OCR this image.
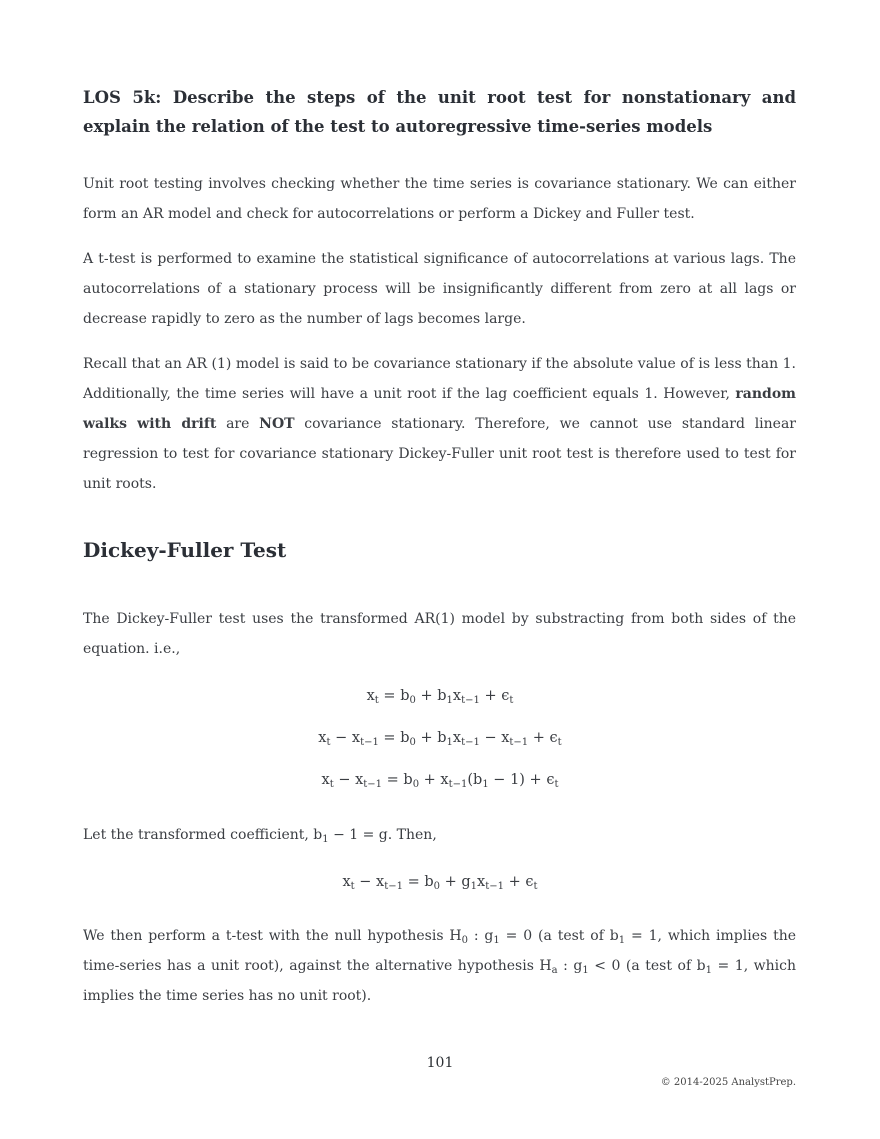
LOS 5k: Describe the steps of the unit root test for nonstationary and explain the relation of the test to autoregressive time-series models

Unit root testing involves checking whether the time series is covariance stationary. We can either form an AR model and check for autocorrelations or perform a Dickey and Fuller test.

A t-test is performed to examine the statistical significance of autocorrelations at various lags. The autocorrelations of a stationary process will be insignificantly different from zero at all lags or decrease rapidly to zero as the number of lags becomes large.

Recall that an AR (1) model is said to be covariance stationary if the absolute value of is less than 1. Additionally, the time series will have a unit root if the lag coefficient equals 1. However, random walks with drift are NOT covariance stationary. Therefore, we cannot use standard linear regression to test for covariance stationary Dickey-Fuller unit root test is therefore used to test for unit roots.

Dickey-Fuller Test

The Dickey-Fuller test uses the transformed AR(1) model by substracting from both sides of the equation. i.e.,

$x_t = b_0 + b_1x_{t-1} + \epsilon_t$
$x_t - x_{t-1} = b_0 + b_1x_{t-1} - x_{t-1} + \epsilon_t$
$x_t - x_{t-1} = b_0 + x_{t-1}(b_1 - 1) + \epsilon_t$

Let the transformed coefficient, $b_1 - 1 = g$. Then,

$x_t - x_{t-1} = b_0 + g_1x_{t-1} + \epsilon_t$

We then perform a t-test with the null hypothesis $H_0$ : $g_1 = 0$ (a test of $b_1 = 1$, which implies the time-series has a unit root), against the alternative hypothesis $H_a$ : $g_1 < 0$ (a test of $b_1 = 1$, which implies the time series has no unit root).

101
© 2014-2025 AnalystPrep.
